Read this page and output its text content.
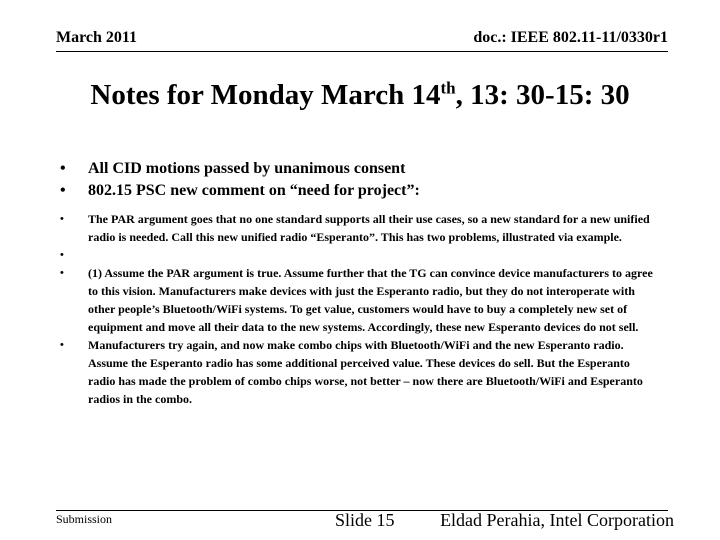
March 2011	doc.: IEEE 802.11-11/0330r1
Notes for Monday March 14th, 13: 30-15: 30
• All CID motions passed by unanimous consent
• 802.15 PSC new comment on “need for project”:
• The PAR argument goes that no one standard supports all their use cases, so a new standard for a new unified radio is needed. Call this new unified radio “Esperanto”. This has two problems, illustrated via example.
•
• (1) Assume the PAR argument is true. Assume further that the TG can convince device manufacturers to agree to this vision. Manufacturers make devices with just the Esperanto radio, but they do not interoperate with other people’s Bluetooth/WiFi systems. To get value, customers would have to buy a completely new set of equipment and move all their data to the new systems. Accordingly, these new Esperanto devices do not sell.
• Manufacturers try again, and now make combo chips with Bluetooth/WiFi and the new Esperanto radio. Assume the Esperanto radio has some additional perceived value. These devices do sell. But the Esperanto radio has made the problem of combo chips worse, not better – now there are Bluetooth/WiFi and Esperanto radios in the combo.
Submission	Slide 15	Eldad Perahia, Intel Corporation
